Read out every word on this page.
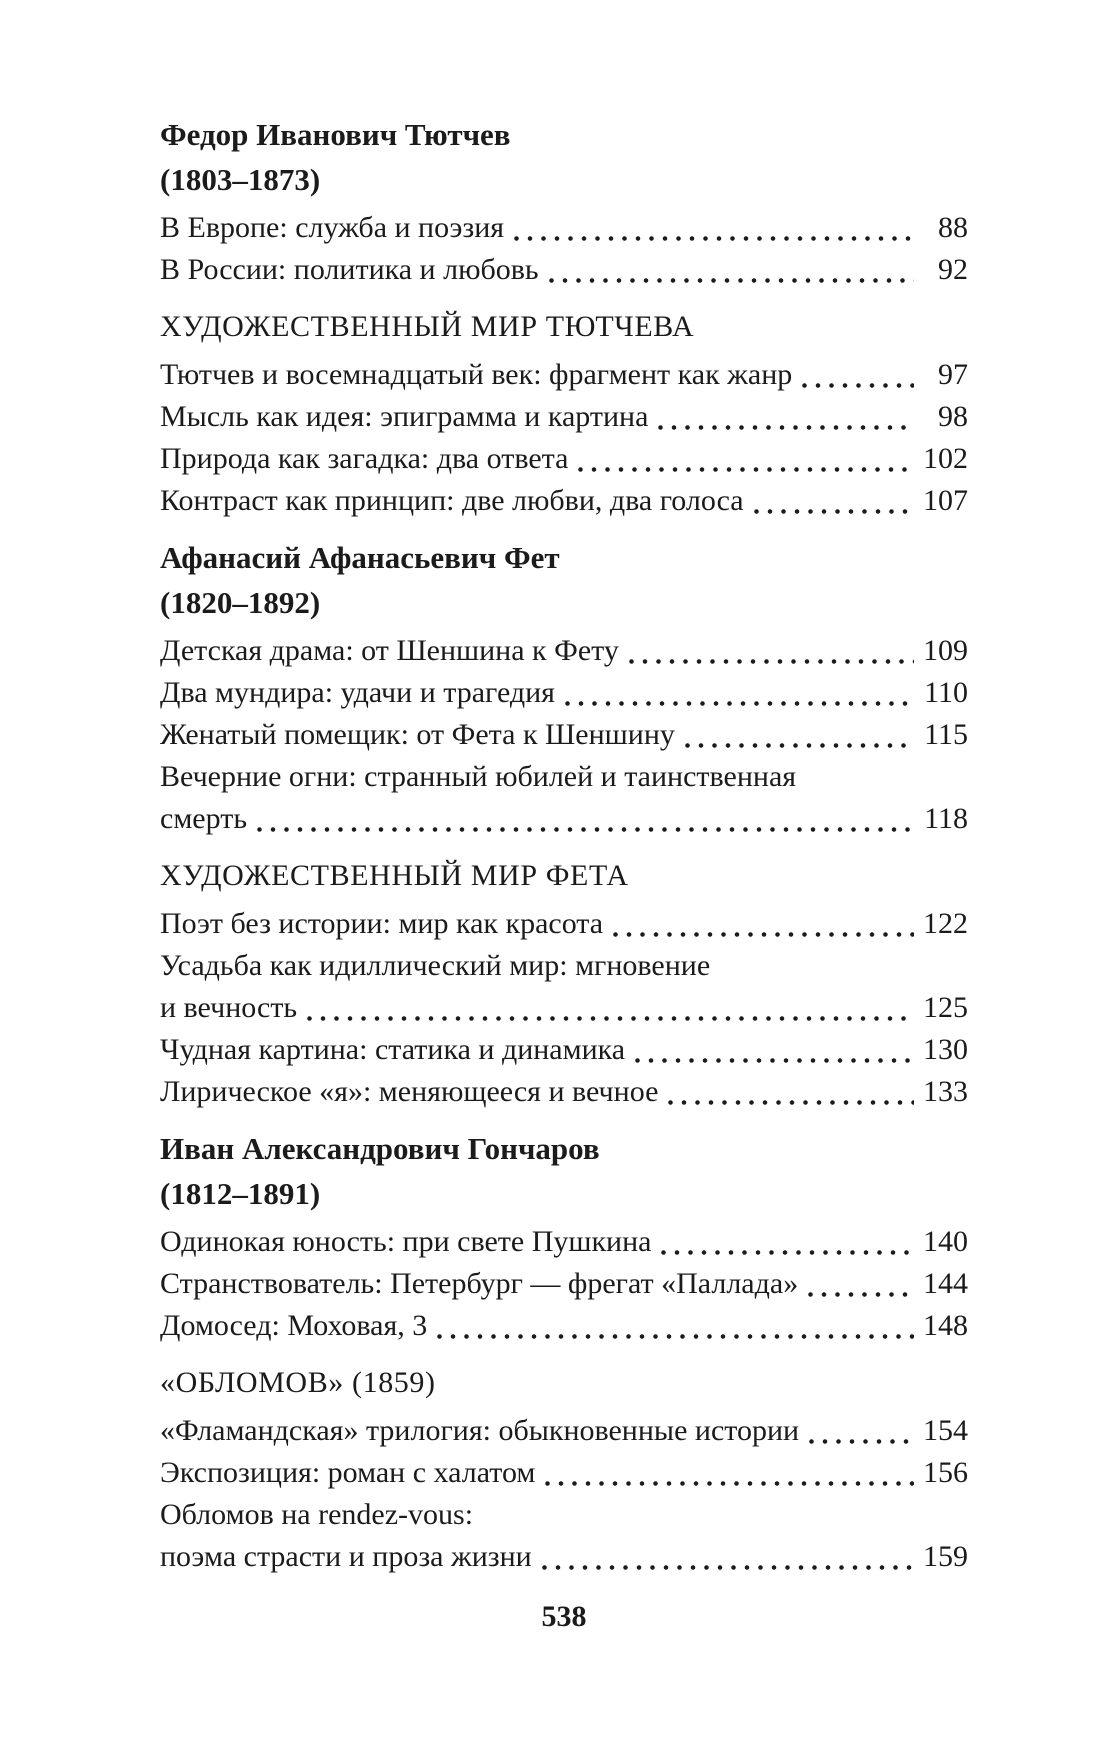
Федор Иванович Тютчев
(1803–1873)
В Европе: служба и поэзия	88
В России: политика и любовь	92
ХУДОЖЕСТВЕННЫЙ МИР ТЮТЧЕВА
Тютчев и восемнадцатый век: фрагмент как жанр	97
Мысль как идея: эпиграмма и картина	98
Природа как загадка: два ответа	102
Контраст как принцип: две любви, два голоса	107
Афанасий Афанасьевич Фет
(1820–1892)
Детская драма: от Шеншина к Фету	109
Два мундира: удачи и трагедия	110
Женатый помещик: от Фета к Шеншину	115
Вечерние огни: странный юбилей и таинственная
смерть	118
ХУДОЖЕСТВЕННЫЙ МИР ФЕТА
Поэт без истории: мир как красота	122
Усадьба как идиллический мир: мгновение
и вечность	125
Чудная картина: статика и динамика	130
Лирическое «я»: меняющееся и вечное	133
Иван Александрович Гончаров
(1812–1891)
Одинокая юность: при свете Пушкина	140
Странствователь: Петербург — фрегат «Паллада»	144
Домосед: Моховая, 3	148
«ОБЛОМОВ» (1859)
«Фламандская» трилогия: обыкновенные истории	154
Экспозиция: роман с халатом	156
Обломов на rendez-vous:
поэма страсти и проза жизни	159
538
